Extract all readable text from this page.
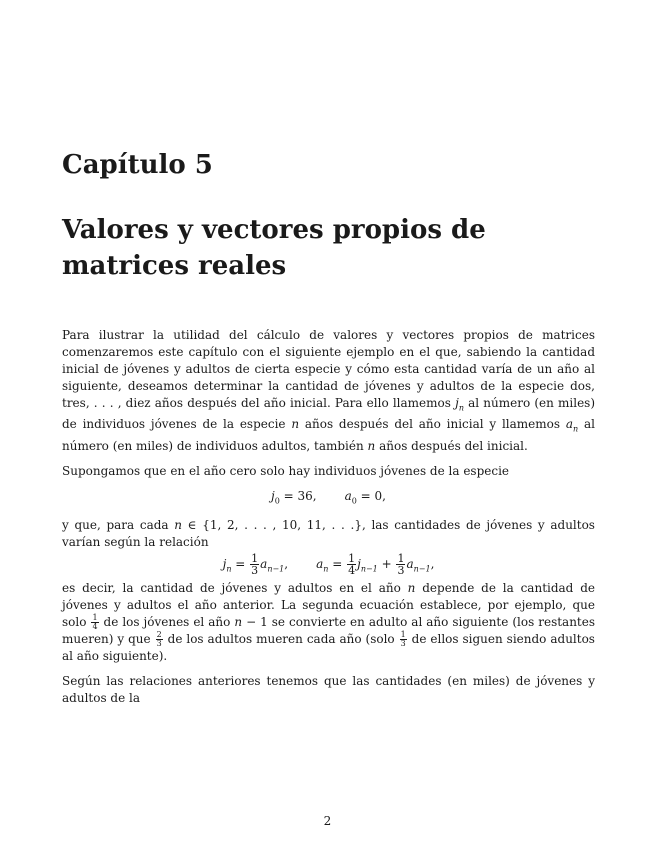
Capítulo 5
Valores y vectores propios de matrices reales

Para ilustrar la utilidad del cálculo de valores y vectores propios de matrices comenzaremos este capítulo con el siguiente ejemplo en el que, sabiendo la cantidad inicial de jóvenes y adultos de cierta especie y cómo esta cantidad varía de un año al siguiente, deseamos determinar la cantidad de jóvenes y adultos de la especie dos, tres, . . . , diez años después del año inicial. Para ello llamemos $j_n$ al número (en miles) de individuos jóvenes de la especie n años después del año inicial y llamemos $a_n$ al número (en miles) de individuos adultos, también n años después del inicial.

Supongamos que en el año cero solo hay individuos jóvenes de la especie

$j_0 = 36$, $a_0 = 0$,

y que, para cada n ∈ {1, 2, . . . , 10, 11, . . .}, las cantidades de jóvenes y adultos varían según la relación

$j_n = \frac{1}{3} a_{n-1}$, $a_n = \frac{1}{4} j_{n-1} + \frac{1}{3} a_{n-1}$,

es decir, la cantidad de jóvenes y adultos en el año n depende de la cantidad de jóvenes y adultos el año anterior. La segunda ecuación establece, por ejemplo, que solo $\frac{1}{4}$ de los jóvenes el año n − 1 se convierte en adulto al año siguiente (los restantes mueren) y que $\frac{2}{3}$ de los adultos mueren cada año (solo $\frac{1}{3}$ de ellos siguen siendo adultos al año siguiente).

Según las relaciones anteriores tenemos que las cantidades (en miles) de jóvenes y adultos de la

2
